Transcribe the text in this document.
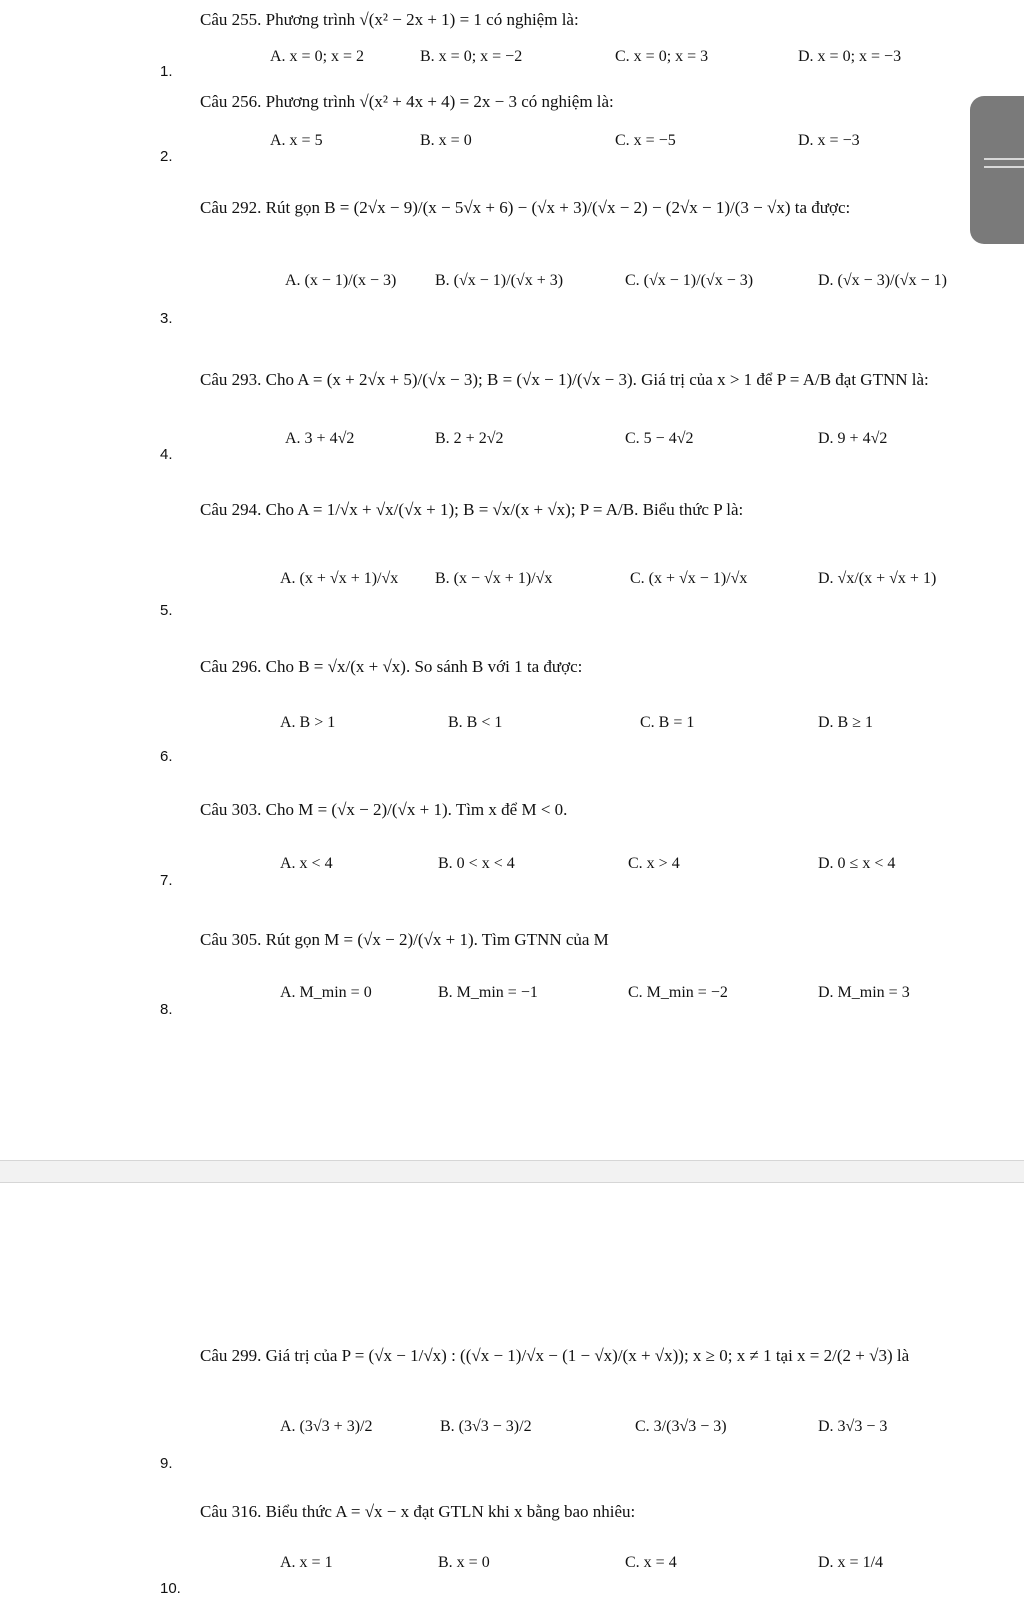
1.
Câu 255. Phương trình √(x² − 2x + 1) = 1 có nghiệm là:
A. x = 0; x = 2	B. x = 0; x = −2	C. x = 0; x = 3	D. x = 0; x = −3
2.
Câu 256. Phương trình √(x² + 4x + 4) = 2x − 3 có nghiệm là:
A. x = 5	B. x = 0	C. x = −5	D. x = −3
3.
Câu 292. Rút gọn B = (2√x − 9)/(x − 5√x + 6) − (√x + 3)/(√x − 2) − (2√x − 1)/(3 − √x) ta được:
A. (x − 1)/(x − 3) B. (√x − 1)/(√x + 3)	C. (√x − 1)/(√x − 3)	D. (√x − 3)/(√x − 1)
4.
Câu 293. Cho A = (x + 2√x + 5)/(√x − 3); B = (√x − 1)/(√x − 3). Giá trị của x > 1 để P = A/B đạt GTNN là:
A. 3 + 4√2	B. 2 + 2√2	C. 5 − 4√2	D. 9 + 4√2
5.
Câu 294. Cho A = 1/√x + √x/(√x + 1); B = √x/(x + √x); P = A/B. Biểu thức P là:
A. (x + √x + 1)/√x B. (x − √x + 1)/√x	C. (x + √x − 1)/√x	D. √x/(x + √x + 1)
6.
Câu 296. Cho B = √x/(x + √x). So sánh B với 1 ta được:
A. B > 1	B. B < 1	C. B = 1	D. B ≥ 1
7.
Câu 303. Cho M = (√x − 2)/(√x + 1). Tìm x để M < 0.
A. x < 4	B. 0 < x < 4	C. x > 4	D. 0 ≤ x < 4
8.
Câu 305. Rút gọn M = (√x − 2)/(√x + 1). Tìm GTNN của M
A. M_min = 0	B. M_min = −1	C. M_min = −2	D. M_min = 3
9.
Câu 299. Giá trị của P = (√x − 1/√x) : ((√x − 1)/√x − (1 − √x)/(x + √x)); x ≥ 0; x ≠ 1 tại x = 2/(2 + √3) là
A. (3√3 + 3)/2	B. (3√3 − 3)/2	C. 3/(3√3 − 3)	D. 3√3 − 3
10.
Câu 316. Biểu thức A = √x − x đạt GTLN khi x bằng bao nhiêu:
A. x = 1	B. x = 0	C. x = 4	D. x = 1/4
